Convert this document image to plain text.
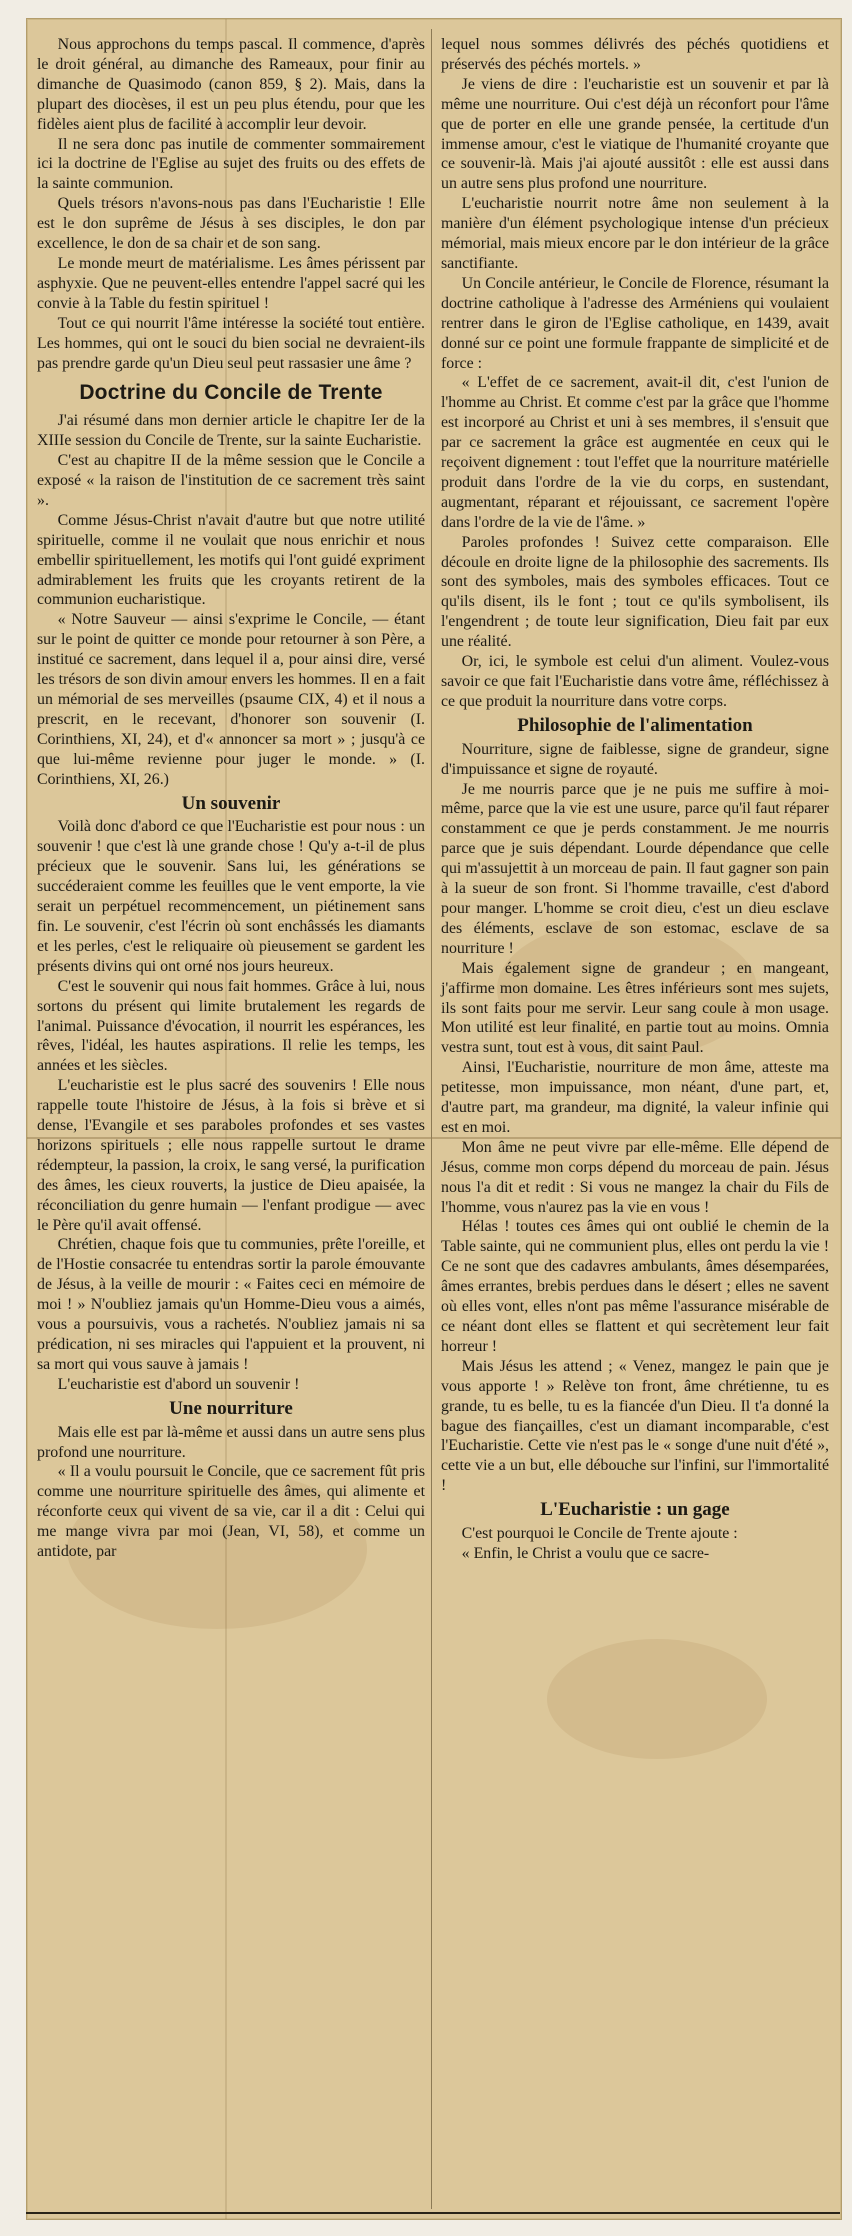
Nous approchons du temps pascal. Il commence, d'après le droit général, au dimanche des Rameaux, pour finir au dimanche de Quasimodo (canon 859, § 2). Mais, dans la plupart des diocèses, il est un peu plus étendu, pour que les fidèles aient plus de facilité à accomplir leur devoir.

Il ne sera donc pas inutile de commenter sommairement ici la doctrine de l'Eglise au sujet des fruits ou des effets de la sainte communion.

Quels trésors n'avons-nous pas dans l'Eucharistie ! Elle est le don suprême de Jésus à ses disciples, le don par excellence, le don de sa chair et de son sang.

Le monde meurt de matérialisme. Les âmes périssent par asphyxie. Que ne peuvent-elles entendre l'appel sacré qui les convie à la Table du festin spirituel !

Tout ce qui nourrit l'âme intéresse la société tout entière. Les hommes, qui ont le souci du bien social ne devraient-ils pas prendre garde qu'un Dieu seul peut rassasier une âme ?

Doctrine du Concile de Trente

J'ai résumé dans mon dernier article le chapitre Ier de la XIIIe session du Concile de Trente, sur la sainte Eucharistie.

C'est au chapitre II de la même session que le Concile a exposé « la raison de l'institution de ce sacrement très saint ».

Comme Jésus-Christ n'avait d'autre but que notre utilité spirituelle, comme il ne voulait que nous enrichir et nous embellir spirituellement, les motifs qui l'ont guidé expriment admirablement les fruits que les croyants retirent de la communion eucharistique.

« Notre Sauveur — ainsi s'exprime le Concile, — étant sur le point de quitter ce monde pour retourner à son Père, a institué ce sacrement, dans lequel il a, pour ainsi dire, versé les trésors de son divin amour envers les hommes. Il en a fait un mémorial de ses merveilles (psaume CIX, 4) et il nous a prescrit, en le recevant, d'honorer son souvenir (I. Corinthiens, XI, 24), et d'« annoncer sa mort » ; jusqu'à ce que lui-même revienne pour juger le monde. » (I. Corinthiens, XI, 26.)

Un souvenir

Voilà donc d'abord ce que l'Eucharistie est pour nous : un souvenir ! que c'est là une grande chose ! Qu'y a-t-il de plus précieux que le souvenir. Sans lui, les générations se succéderaient comme les feuilles que le vent emporte, la vie serait un perpétuel recommencement, un piétinement sans fin. Le souvenir, c'est l'écrin où sont enchâssés les diamants et les perles, c'est le reliquaire où pieusement se gardent les présents divins qui ont orné nos jours heureux.

C'est le souvenir qui nous fait hommes. Grâce à lui, nous sortons du présent qui limite brutalement les regards de l'animal. Puissance d'évocation, il nourrit les espérances, les rêves, l'idéal, les hautes aspirations. Il relie les temps, les années et les siècles.

L'eucharistie est le plus sacré des souvenirs ! Elle nous rappelle toute l'histoire de Jésus, à la fois si brève et si dense, l'Evangile et ses paraboles profondes et ses vastes horizons spirituels ; elle nous rappelle surtout le drame rédempteur, la passion, la croix, le sang versé, la purification des âmes, les cieux rouverts, la justice de Dieu apaisée, la réconciliation du genre humain — l'enfant prodigue — avec le Père qu'il avait offensé.

Chrétien, chaque fois que tu communies, prête l'oreille, et de l'Hostie consacrée tu entendras sortir la parole émouvante de Jésus, à la veille de mourir : « Faites ceci en mémoire de moi ! » N'oubliez jamais qu'un Homme-Dieu vous a aimés, vous a poursuivis, vous a rachetés. N'oubliez jamais ni sa prédication, ni ses miracles qui l'appuient et la prouvent, ni sa mort qui vous sauve à jamais !

L'eucharistie est d'abord un souvenir !

Une nourriture

Mais elle est par là-même et aussi dans un autre sens plus profond une nourriture.

« Il a voulu poursuit le Concile, que ce sacrement fût pris comme une nourriture spirituelle des âmes, qui alimente et réconforte ceux qui vivent de sa vie, car il a dit : Celui qui me mange vivra par moi (Jean, VI, 58), et comme un antidote, par

lequel nous sommes délivrés des péchés quotidiens et préservés des péchés mortels. »

Je viens de dire : l'eucharistie est un souvenir et par là même une nourriture. Oui c'est déjà un réconfort pour l'âme que de porter en elle une grande pensée, la certitude d'un immense amour, c'est le viatique de l'humanité croyante que ce souvenir-là. Mais j'ai ajouté aussitôt : elle est aussi dans un autre sens plus profond une nourriture.

L'eucharistie nourrit notre âme non seulement à la manière d'un élément psychologique intense d'un précieux mémorial, mais mieux encore par le don intérieur de la grâce sanctifiante.

Un Concile antérieur, le Concile de Florence, résumant la doctrine catholique à l'adresse des Arméniens qui voulaient rentrer dans le giron de l'Eglise catholique, en 1439, avait donné sur ce point une formule frappante de simplicité et de force :

« L'effet de ce sacrement, avait-il dit, c'est l'union de l'homme au Christ. Et comme c'est par la grâce que l'homme est incorporé au Christ et uni à ses membres, il s'ensuit que par ce sacrement la grâce est augmentée en ceux qui le reçoivent dignement : tout l'effet que la nourriture matérielle produit dans l'ordre de la vie du corps, en sustendant, augmentant, réparant et réjouissant, ce sacrement l'opère dans l'ordre de la vie de l'âme. »

Paroles profondes ! Suivez cette comparaison. Elle découle en droite ligne de la philosophie des sacrements. Ils sont des symboles, mais des symboles efficaces. Tout ce qu'ils disent, ils le font ; tout ce qu'ils symbolisent, ils l'engendrent ; de toute leur signification, Dieu fait par eux une réalité.

Or, ici, le symbole est celui d'un aliment. Voulez-vous savoir ce que fait l'Eucharistie dans votre âme, réfléchissez à ce que produit la nourriture dans votre corps.

Philosophie de l'alimentation

Nourriture, signe de faiblesse, signe de grandeur, signe d'impuissance et signe de royauté.

Je me nourris parce que je ne puis me suffire à moi-même, parce que la vie est une usure, parce qu'il faut réparer constamment ce que je perds constamment. Je me nourris parce que je suis dépendant. Lourde dépendance que celle qui m'assujettit à un morceau de pain. Il faut gagner son pain à la sueur de son front. Si l'homme travaille, c'est d'abord pour manger. L'homme se croit dieu, c'est un dieu esclave des éléments, esclave de son estomac, esclave de sa nourriture !

Mais également signe de grandeur ; en mangeant, j'affirme mon domaine. Les êtres inférieurs sont mes sujets, ils sont faits pour me servir. Leur sang coule à mon usage. Mon utilité est leur finalité, en partie tout au moins. Omnia vestra sunt, tout est à vous, dit saint Paul.

Ainsi, l'Eucharistie, nourriture de mon âme, atteste ma petitesse, mon impuissance, mon néant, d'une part, et, d'autre part, ma grandeur, ma dignité, la valeur infinie qui est en moi.

Mon âme ne peut vivre par elle-même. Elle dépend de Jésus, comme mon corps dépend du morceau de pain. Jésus nous l'a dit et redit : Si vous ne mangez la chair du Fils de l'homme, vous n'aurez pas la vie en vous !

Hélas ! toutes ces âmes qui ont oublié le chemin de la Table sainte, qui ne communient plus, elles ont perdu la vie ! Ce ne sont que des cadavres ambulants, âmes désemparées, âmes errantes, brebis perdues dans le désert ; elles ne savent où elles vont, elles n'ont pas même l'assurance misérable de ce néant dont elles se flattent et qui secrètement leur fait horreur !

Mais Jésus les attend ; « Venez, mangez le pain que je vous apporte ! » Relève ton front, âme chrétienne, tu es grande, tu es belle, tu es la fiancée d'un Dieu. Il t'a donné la bague des fiançailles, c'est un diamant incomparable, c'est l'Eucharistie. Cette vie n'est pas le « songe d'une nuit d'été », cette vie a un but, elle débouche sur l'infini, sur l'immortalité !

L'Eucharistie : un gage

C'est pourquoi le Concile de Trente ajoute :

« Enfin, le Christ a voulu que ce sacre-
